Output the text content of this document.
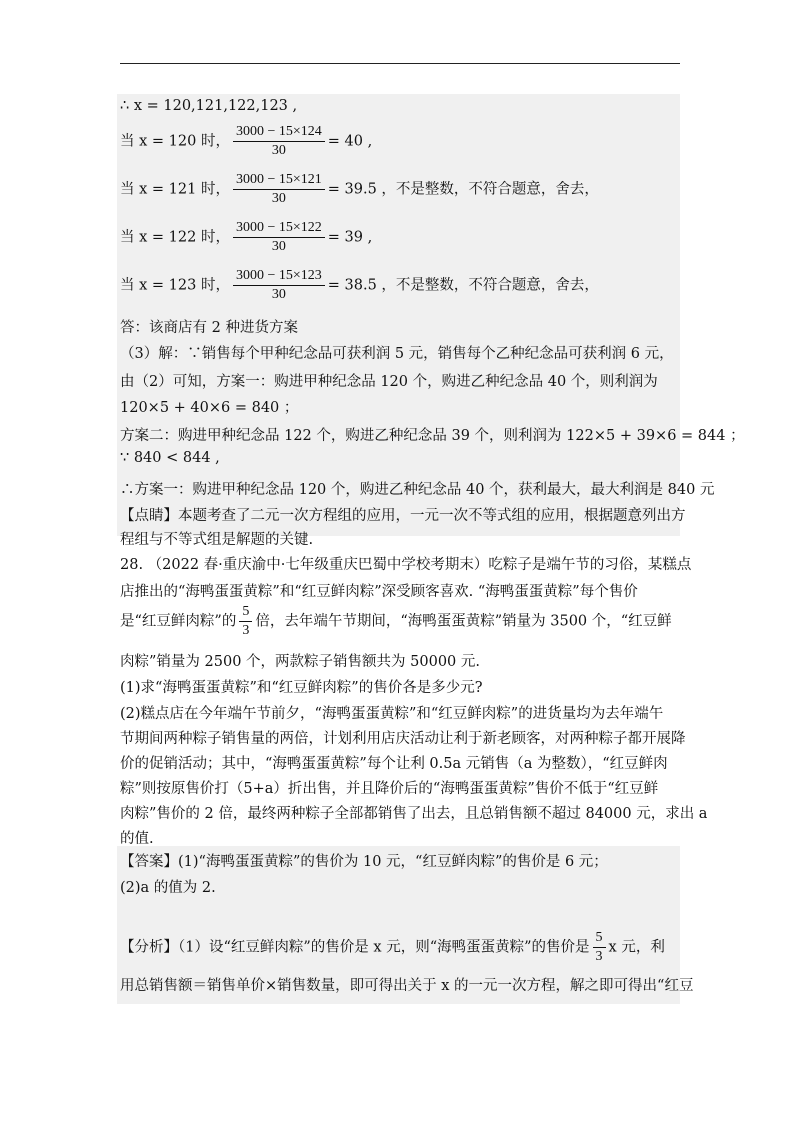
∴ x = 120,121,122,123 ,
当 x = 120 时， $\frac{3000 - 15\times 124}{30} = 40$ ,
当 x = 121 时， $\frac{3000 - 15\times 121}{30} = 39.5$ ，不是整数，不符合题意，舍去，
当 x = 122 时， $\frac{3000 - 15\times 122}{30} = 39$ ,
当 x = 123 时， $\frac{3000 - 15\times 123}{30} = 38.5$ ，不是整数，不符合题意，舍去，
答：该商店有 2 种进货方案
（3）解：∵销售每个甲种纪念品可获利润 5 元，销售每个乙种纪念品可获利润 6 元，
由（2）可知，方案一：购进甲种纪念品 120 个，购进乙种纪念品 40 个，则利润为
120×5 + 40×6 = 840 ；
方案二：购进甲种纪念品 122 个，购进乙种纪念品 39 个，则利润为 122×5 + 39×6 = 844 ；
∵ 840 < 844 ,
∴方案一：购进甲种纪念品 120 个，购进乙种纪念品 40 个，获利最大，最大利润是 840 元
【点睛】本题考查了二元一次方程组的应用，一元一次不等式组的应用，根据题意列出方
程组与不等式组是解题的关键.
28. （2022 春·重庆渝中·七年级重庆巴蜀中学校考期末）吃粽子是端午节的习俗，某糕点
店推出的“海鸭蛋蛋黄粽”和“红豆鲜肉粽”深受顾客喜欢. “海鸭蛋蛋黄粽”每个售价
是“红豆鲜肉粽”的 $\frac{5}{3}$ 倍，去年端午节期间，“海鸭蛋蛋黄粽”销量为 3500 个，“红豆鲜
肉粽”销量为 2500 个，两款粽子销售额共为 50000 元.
(1)求“海鸭蛋蛋黄粽”和“红豆鲜肉粽”的售价各是多少元?
(2)糕点店在今年端午节前夕，“海鸭蛋蛋黄粽”和“红豆鲜肉粽”的进货量均为去年端午
节期间两种粽子销售量的两倍，计划利用店庆活动让利于新老顾客，对两种粽子都开展降
价的促销活动；其中，“海鸭蛋蛋黄粽”每个让利 0.5a 元销售（a 为整数），“红豆鲜肉
粽”则按原售价打（5+a）折出售，并且降价后的“海鸭蛋蛋黄粽”售价不低于“红豆鲜
肉粽”售价的 2 倍，最终两种粽子全部都销售了出去，且总销售额不超过 84000 元，求出 a
的值.
【答案】(1)“海鸭蛋蛋黄粽”的售价为 10 元，“红豆鲜肉粽”的售价是 6 元；
(2)a 的值为 2.
【分析】（1）设“红豆鲜肉粽”的售价是 x 元，则“海鸭蛋蛋黄粽”的售价是 $\frac{5}{3}$ x 元，利
用总销售额＝销售单价×销售数量，即可得出关于 x 的一元一次方程，解之即可得出“红豆
